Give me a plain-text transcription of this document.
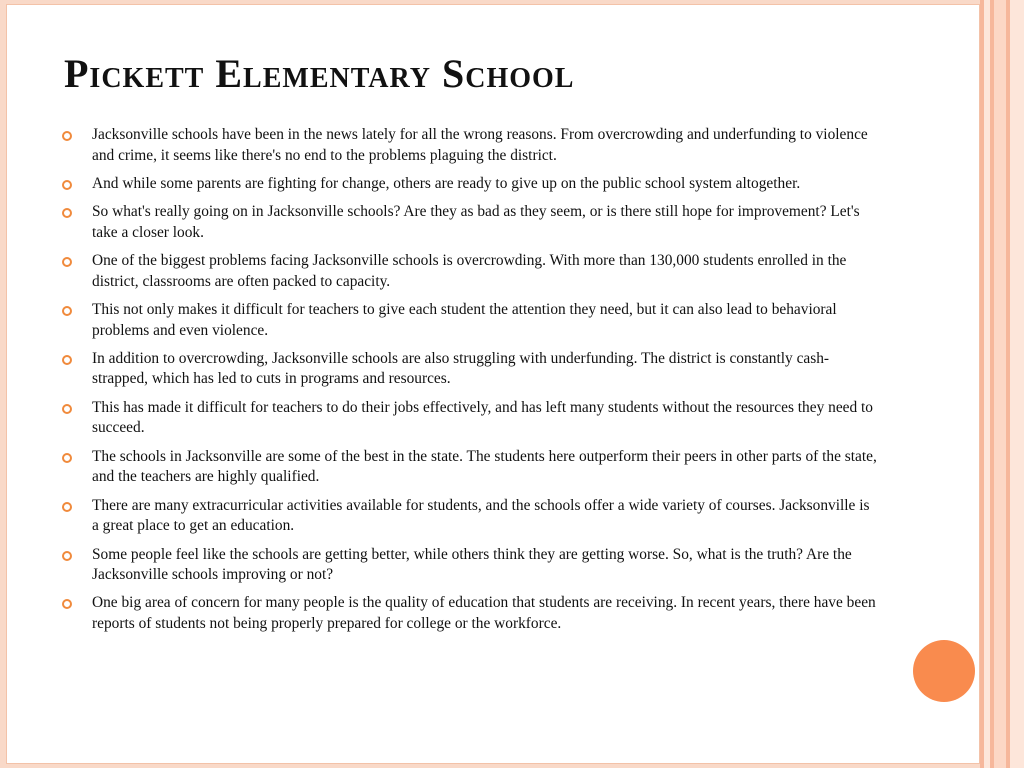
Pickett Elementary School
Jacksonville schools have been in the news lately for all the wrong reasons. From overcrowding and underfunding to violence and crime, it seems like there's no end to the problems plaguing the district.
And while some parents are fighting for change, others are ready to give up on the public school system altogether.
So what's really going on in Jacksonville schools? Are they as bad as they seem, or is there still hope for improvement? Let's take a closer look.
One of the biggest problems facing Jacksonville schools is overcrowding. With more than 130,000 students enrolled in the district, classrooms are often packed to capacity.
This not only makes it difficult for teachers to give each student the attention they need, but it can also lead to behavioral problems and even violence.
In addition to overcrowding, Jacksonville schools are also struggling with underfunding. The district is constantly cash-strapped, which has led to cuts in programs and resources.
This has made it difficult for teachers to do their jobs effectively, and has left many students without the resources they need to succeed.
The schools in Jacksonville are some of the best in the state. The students here outperform their peers in other parts of the state, and the teachers are highly qualified.
There are many extracurricular activities available for students, and the schools offer a wide variety of courses. Jacksonville is a great place to get an education.
Some people feel like the schools are getting better, while others think they are getting worse. So, what is the truth? Are the Jacksonville schools improving or not?
One big area of concern for many people is the quality of education that students are receiving. In recent years, there have been reports of students not being properly prepared for college or the workforce.
